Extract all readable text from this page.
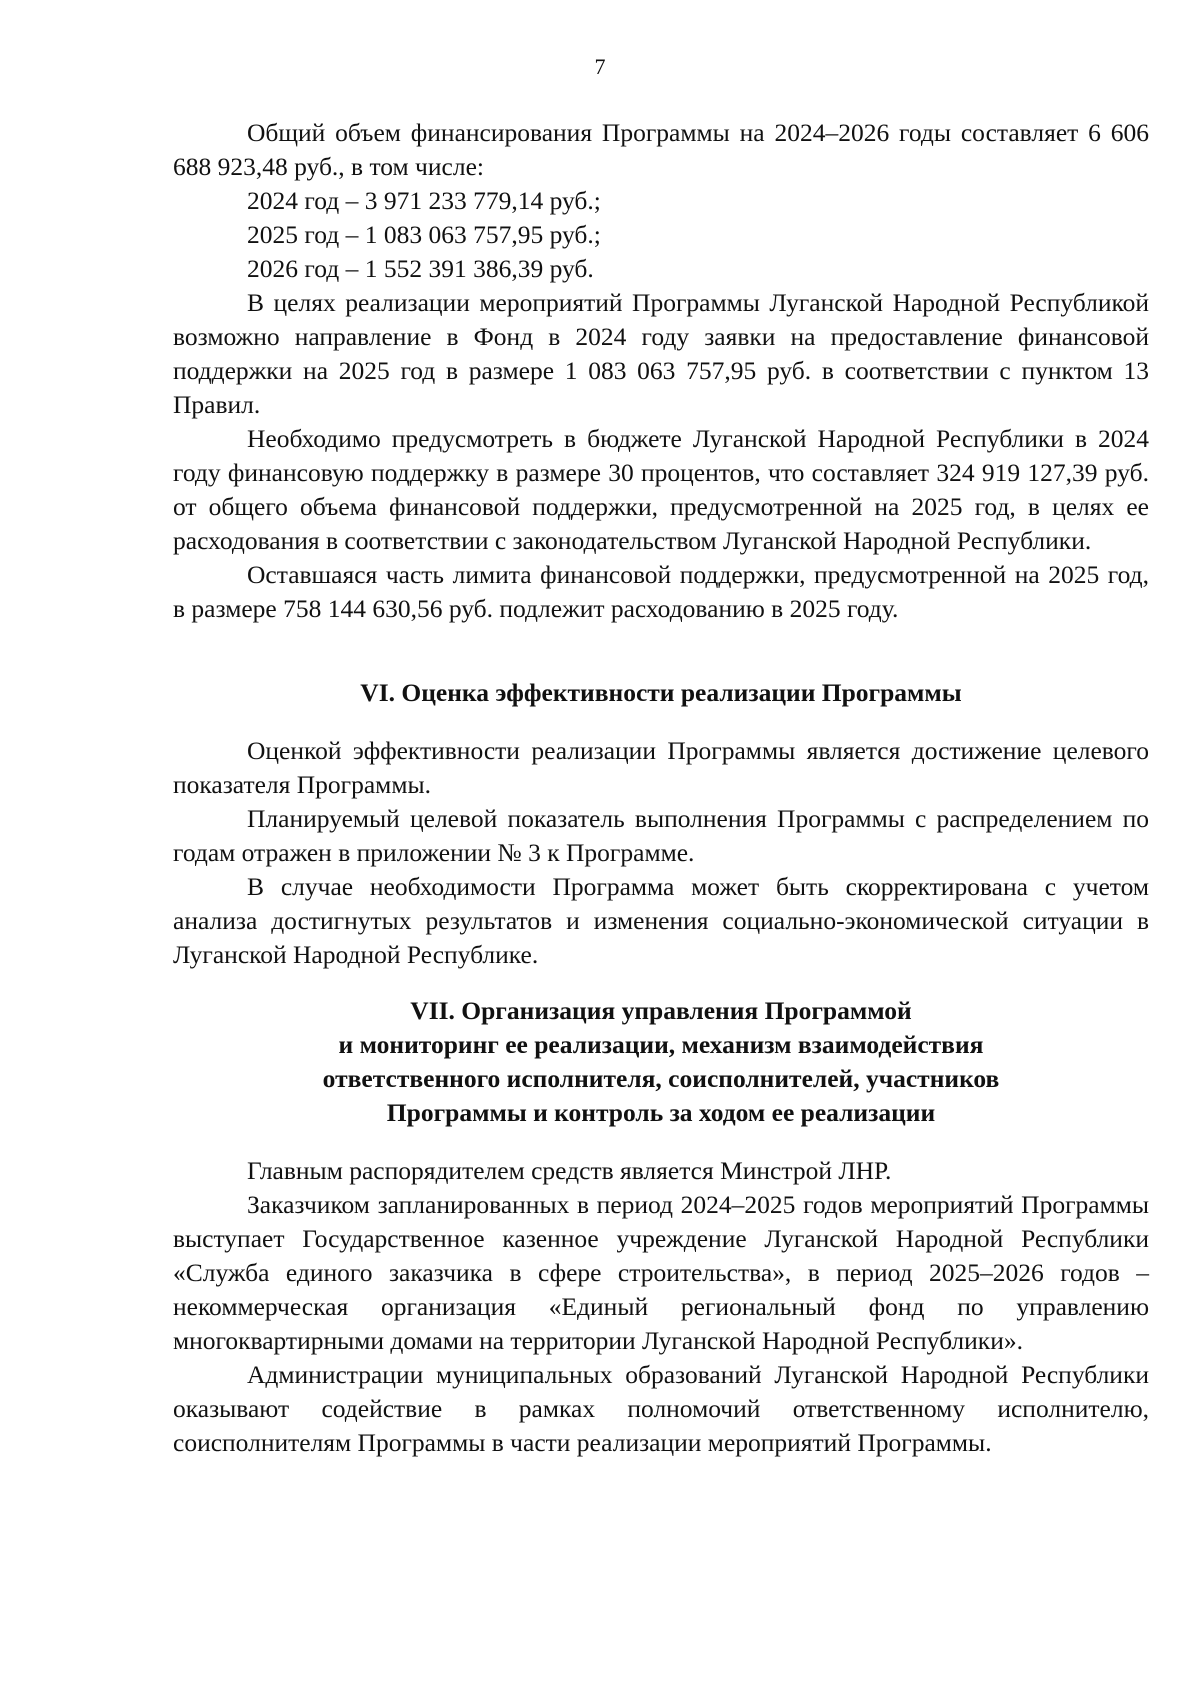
7

Общий объем финансирования Программы на 2024–2026 годы составляет 6 606 688 923,48 руб., в том числе:

2024 год – 3 971 233 779,14 руб.;

2025 год – 1 083 063 757,95 руб.;

2026 год – 1 552 391 386,39 руб.

В целях реализации мероприятий Программы Луганской Народной Республикой возможно направление в Фонд в 2024 году заявки на предоставление финансовой поддержки на 2025 год в размере 1 083 063 757,95 руб. в соответствии с пунктом 13 Правил.

Необходимо предусмотреть в бюджете Луганской Народной Республики в 2024 году финансовую поддержку в размере 30 процентов, что составляет 324 919 127,39 руб. от общего объема финансовой поддержки, предусмотренной на 2025 год, в целях ее расходования в соответствии с законодательством Луганской Народной Республики.

Оставшаяся часть лимита финансовой поддержки, предусмотренной на 2025 год, в размере 758 144 630,56 руб. подлежит расходованию в 2025 году.

VI. Оценка эффективности реализации Программы

Оценкой эффективности реализации Программы является достижение целевого показателя Программы.

Планируемый целевой показатель выполнения Программы с распределением по годам отражен в приложении № 3 к Программе.

В случае необходимости Программа может быть скорректирована с учетом анализа достигнутых результатов и изменения социально-экономической ситуации в Луганской Народной Республике.

VII. Организация управления Программой
и мониторинг ее реализации, механизм взаимодействия
ответственного исполнителя, соисполнителей, участников
Программы и контроль за ходом ее реализации

Главным распорядителем средств является Минстрой ЛНР.

Заказчиком запланированных в период 2024–2025 годов мероприятий Программы выступает Государственное казенное учреждение Луганской Народной Республики «Служба единого заказчика в сфере строительства», в период 2025–2026 годов – некоммерческая организация «Единый региональный фонд по управлению многоквартирными домами на территории Луганской Народной Республики».

Администрации муниципальных образований Луганской Народной Республики оказывают содействие в рамках полномочий ответственному исполнителю, соисполнителям Программы в части реализации мероприятий Программы.
